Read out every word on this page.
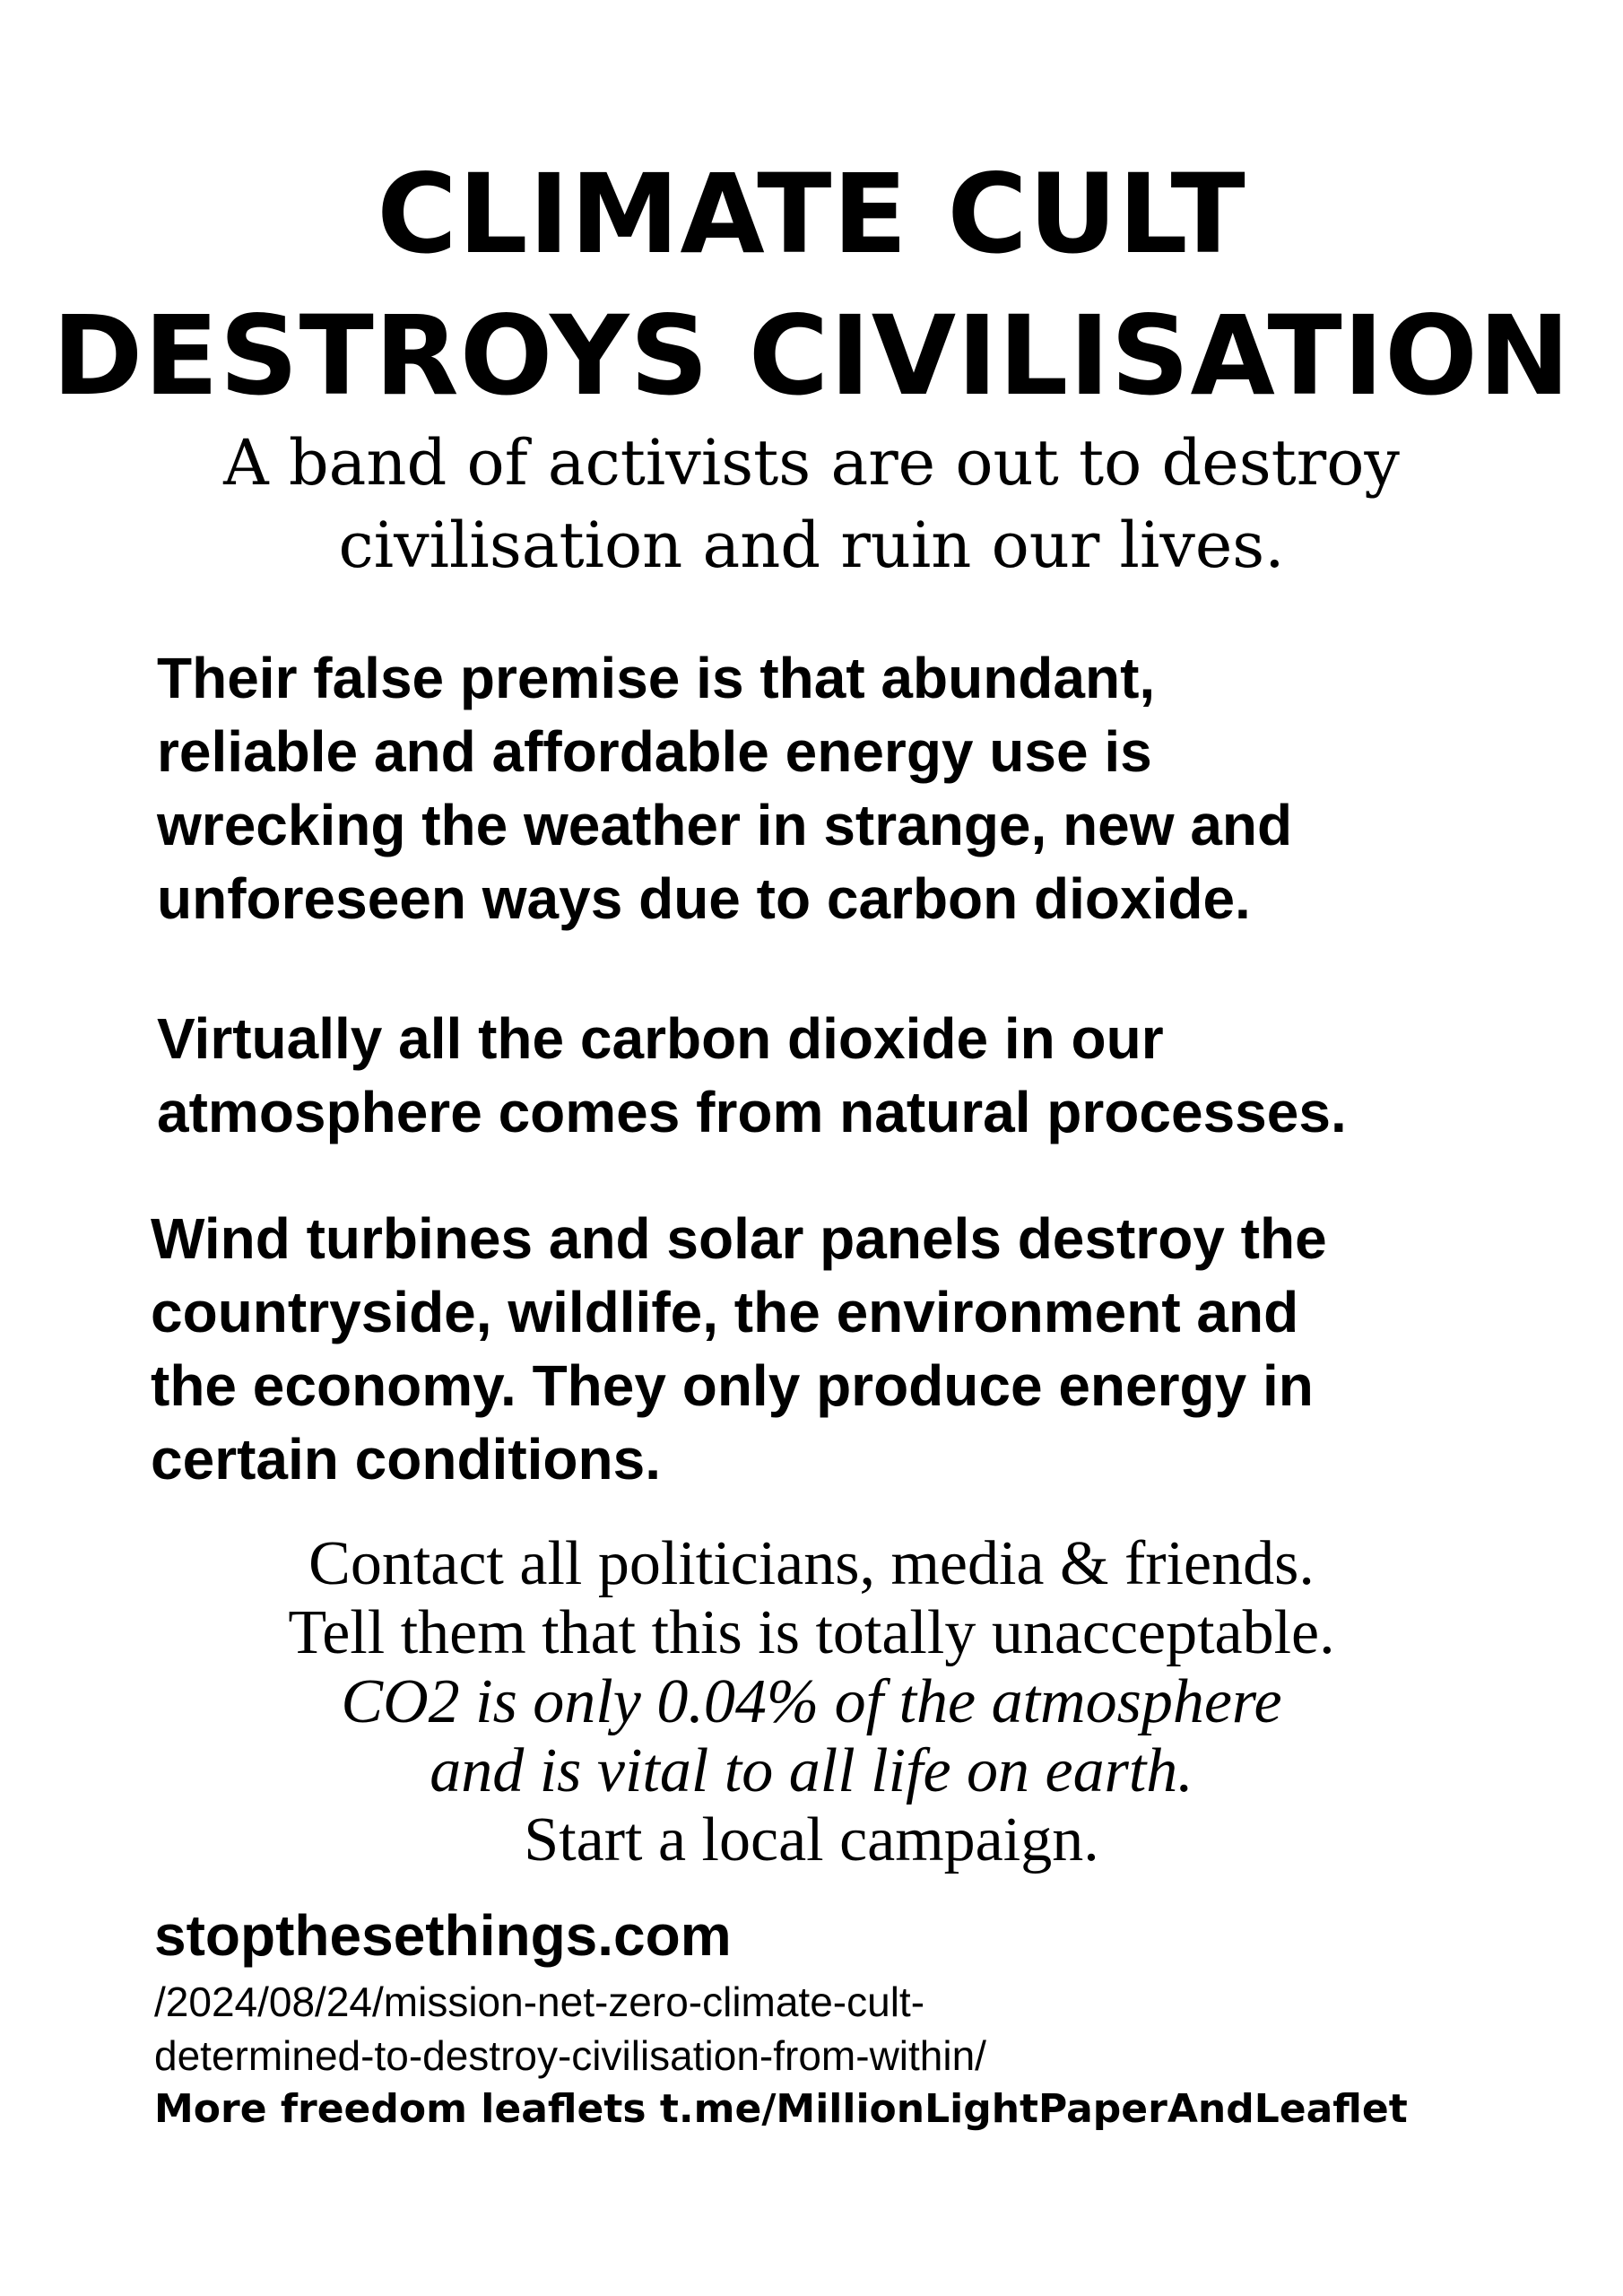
CLIMATE CULT
DESTROYS CIVILISATION
A band of activists are out to destroy
civilisation and ruin our lives.
Their false premise is that abundant,
reliable and affordable energy use is
wrecking the weather in strange, new and
unforeseen ways due to carbon dioxide.
Virtually all the carbon dioxide in our
atmosphere comes from natural processes.
Wind turbines and solar panels destroy the
countryside, wildlife, the environment and
the economy. They only produce energy in
certain conditions.
Contact all politicians, media & friends.
Tell them that this is totally unacceptable.
CO2 is only 0.04% of the atmosphere
and is vital to all life on earth.
Start a local campaign.
stopthesethings.com
/2024/08/24/mission-net-zero-climate-cult-
determined-to-destroy-civilisation-from-within/
More freedom leaflets t.me/MillionLightPaperAndLeaflet
